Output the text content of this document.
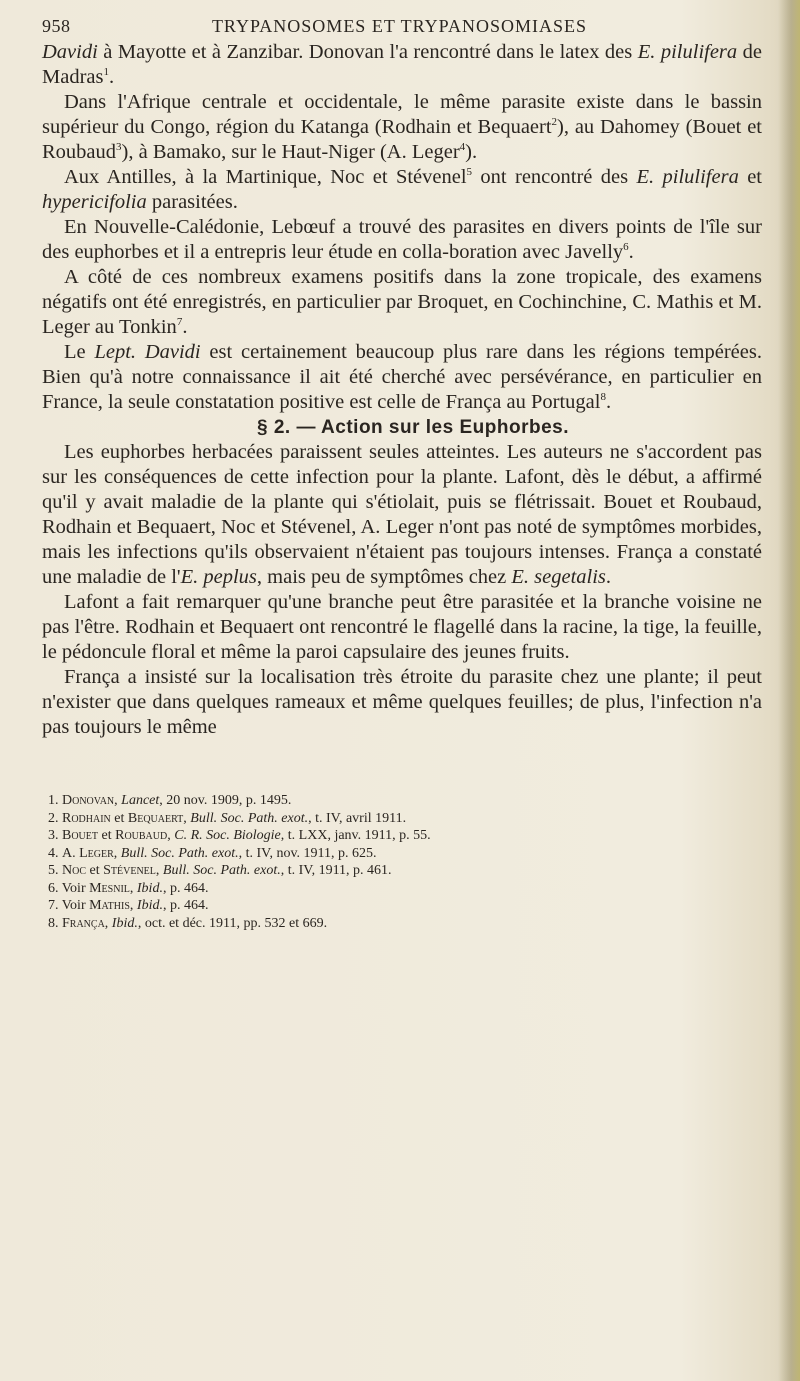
958	TRYPANOSOMES ET TRYPANOSOMIASES

Davidi à Mayotte et à Zanzibar. Donovan l'a rencontré dans le latex des E. pilulifera de Madras$^1$.

Dans l'Afrique centrale et occidentale, le même parasite existe dans le bassin supérieur du Congo, région du Katanga (Rodhain et Bequaert$^2$), au Dahomey (Bouet et Roubaud$^3$), à Bamako, sur le Haut-Niger (A. Leger$^4$).

Aux Antilles, à la Martinique, Noc et Stévenel$^5$ ont rencontré des E. pilulifera et hypericifolia parasitées.

En Nouvelle-Calédonie, Lebœuf a trouvé des parasites en divers points de l'île sur des euphorbes et il a entrepris leur étude en colla-boration avec Javelly$^6$.

A côté de ces nombreux examens positifs dans la zone tropicale, des examens négatifs ont été enregistrés, en particulier par Broquet, en Cochinchine, C. Mathis et M. Leger au Tonkin$^7$.

Le Lept. Davidi est certainement beaucoup plus rare dans les régions tempérées. Bien qu'à notre connaissance il ait été cherché avec persévérance, en particulier en France, la seule constatation positive est celle de França au Portugal$^8$.

§ 2. — Action sur les Euphorbes.

Les euphorbes herbacées paraissent seules atteintes. Les auteurs ne s'accordent pas sur les conséquences de cette infection pour la plante. Lafont, dès le début, a affirmé qu'il y avait maladie de la plante qui s'étiolait, puis se flétrissait. Bouet et Roubaud, Rodhain et Bequaert, Noc et Stévenel, A. Leger n'ont pas noté de symptômes morbides, mais les infections qu'ils observaient n'étaient pas toujours intenses. França a constaté une maladie de l'E. peplus, mais peu de symptômes chez E. segetalis.

Lafont a fait remarquer qu'une branche peut être parasitée et la branche voisine ne pas l'être. Rodhain et Bequaert ont rencontré le flagellé dans la racine, la tige, la feuille, le pédoncule floral et même la paroi capsulaire des jeunes fruits.

França a insisté sur la localisation très étroite du parasite chez une plante; il peut n'exister que dans quelques rameaux et même quelques feuilles; de plus, l'infection n'a pas toujours le même

1. Donovan, Lancet, 20 nov. 1909, p. 1495.
2. Rodhain et Bequaert, Bull. Soc. Path. exot., t. IV, avril 1911.
3. Bouet et Roubaud, C. R. Soc. Biologie, t. LXX, janv. 1911, p. 55.
4. A. Leger, Bull. Soc. Path. exot., t. IV, nov. 1911, p. 625.
5. Noc et Stévenel, Bull. Soc. Path. exot., t. IV, 1911, p. 461.
6. Voir Mesnil, Ibid., p. 464.
7. Voir Mathis, Ibid., p. 464.
8. França, Ibid., oct. et déc. 1911, pp. 532 et 669.
